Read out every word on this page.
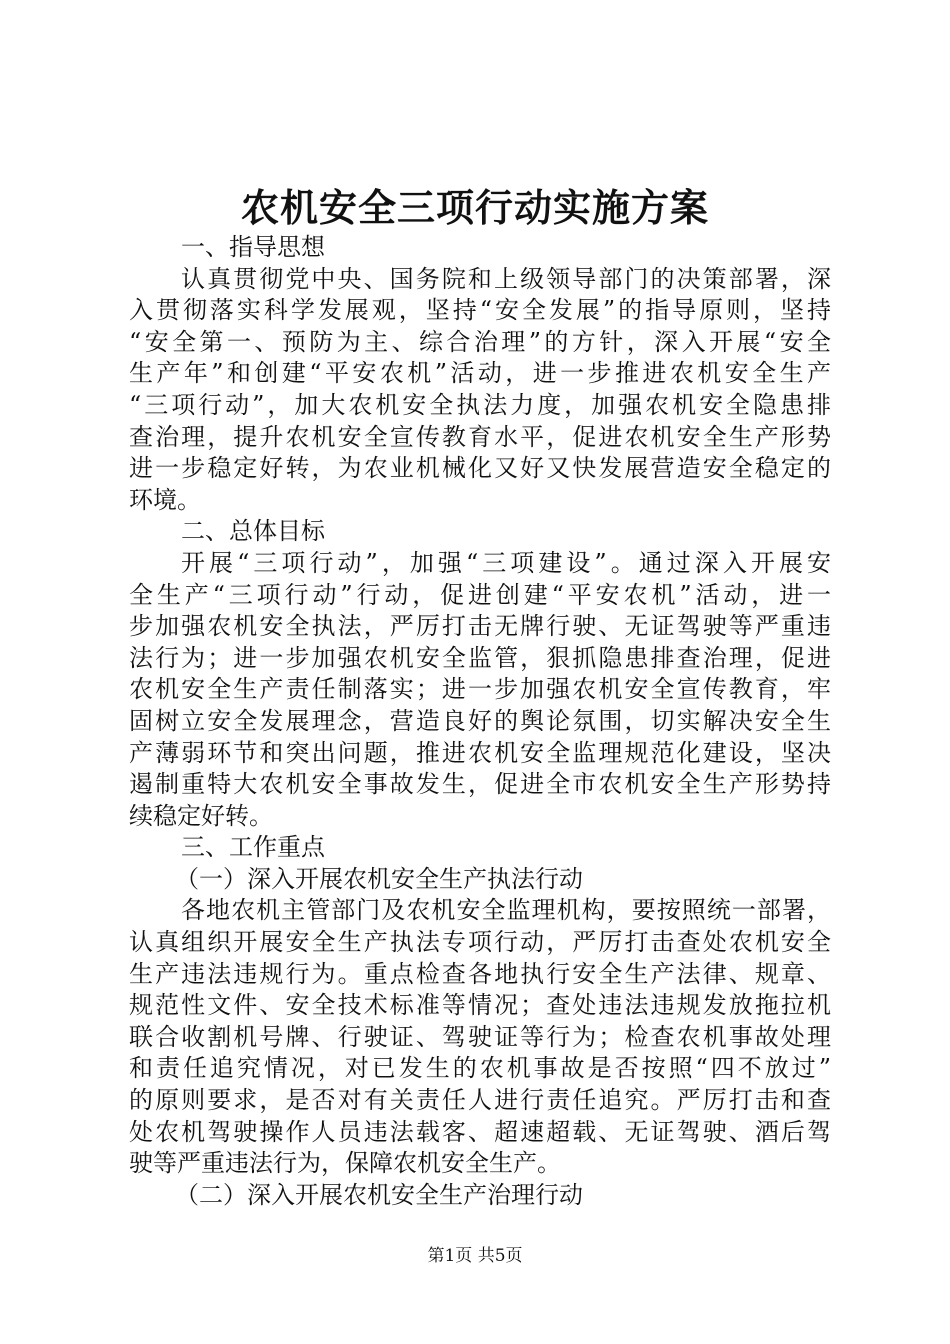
农机安全三项行动实施方案
一、指导思想
认真贯彻党中央、国务院和上级领导部门的决策部署，深
入贯彻落实科学发展观，坚持“安全发展”的指导原则，坚持
“安全第一、预防为主、综合治理”的方针，深入开展“安全
生产年”和创建“平安农机”活动，进一步推进农机安全生产
“三项行动”，加大农机安全执法力度，加强农机安全隐患排
查治理，提升农机安全宣传教育水平，促进农机安全生产形势
进一步稳定好转，为农业机械化又好又快发展营造安全稳定的
环境。
二、总体目标
开展“三项行动”，加强“三项建设”。通过深入开展安
全生产“三项行动”行动，促进创建“平安农机”活动，进一
步加强农机安全执法，严厉打击无牌行驶、无证驾驶等严重违
法行为；进一步加强农机安全监管，狠抓隐患排查治理，促进
农机安全生产责任制落实；进一步加强农机安全宣传教育，牢
固树立安全发展理念，营造良好的舆论氛围，切实解决安全生
产薄弱环节和突出问题，推进农机安全监理规范化建设，坚决
遏制重特大农机安全事故发生，促进全市农机安全生产形势持
续稳定好转。
三、工作重点
（一）深入开展农机安全生产执法行动
各地农机主管部门及农机安全监理机构，要按照统一部署，
认真组织开展安全生产执法专项行动，严厉打击查处农机安全
生产违法违规行为。重点检查各地执行安全生产法律、规章、
规范性文件、安全技术标准等情况；查处违法违规发放拖拉机
联合收割机号牌、行驶证、驾驶证等行为；检查农机事故处理
和责任追究情况，对已发生的农机事故是否按照“四不放过”
的原则要求，是否对有关责任人进行责任追究。严厉打击和查
处农机驾驶操作人员违法载客、超速超载、无证驾驶、酒后驾
驶等严重违法行为，保障农机安全生产。
（二）深入开展农机安全生产治理行动
第1页 共5页
